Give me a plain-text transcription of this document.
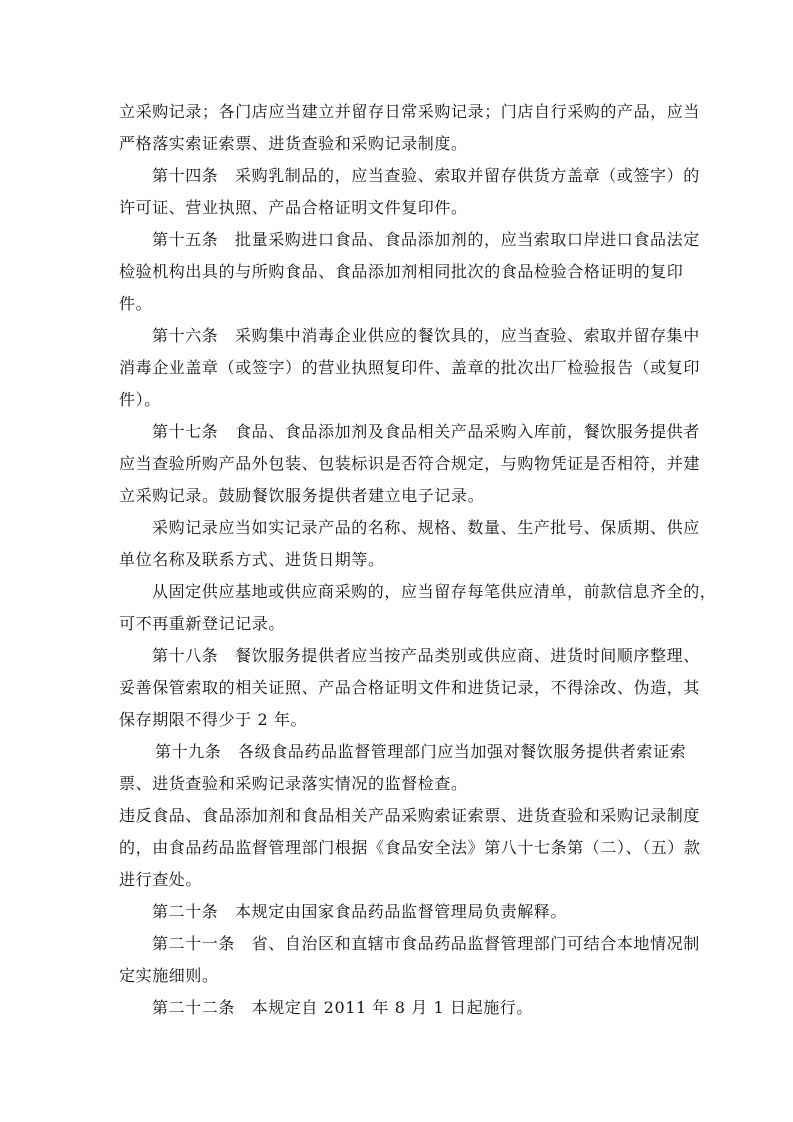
立采购记录；各门店应当建立并留存日常采购记录；门店自行采购的产品，应当
严格落实索证索票、进货查验和采购记录制度。
第十四条　采购乳制品的，应当查验、索取并留存供货方盖章（或签字）的
许可证、营业执照、产品合格证明文件复印件。
第十五条　批量采购进口食品、食品添加剂的，应当索取口岸进口食品法定
检验机构出具的与所购食品、食品添加剂相同批次的食品检验合格证明的复印
件。
第十六条　采购集中消毒企业供应的餐饮具的，应当查验、索取并留存集中
消毒企业盖章（或签字）的营业执照复印件、盖章的批次出厂检验报告（或复印
件）。
第十七条　食品、食品添加剂及食品相关产品采购入库前，餐饮服务提供者
应当查验所购产品外包装、包装标识是否符合规定，与购物凭证是否相符，并建
立采购记录。鼓励餐饮服务提供者建立电子记录。
采购记录应当如实记录产品的名称、规格、数量、生产批号、保质期、供应
单位名称及联系方式、进货日期等。
从固定供应基地或供应商采购的，应当留存每笔供应清单，前款信息齐全的，
可不再重新登记记录。
第十八条　餐饮服务提供者应当按产品类别或供应商、进货时间顺序整理、
妥善保管索取的相关证照、产品合格证明文件和进货记录，不得涂改、伪造，其
保存期限不得少于 2 年。
第十九条　各级食品药品监督管理部门应当加强对餐饮服务提供者索证索
票、进货查验和采购记录落实情况的监督检查。
违反食品、食品添加剂和食品相关产品采购索证索票、进货查验和采购记录制度
的，由食品药品监督管理部门根据《食品安全法》第八十七条第（二）、（五）款
进行查处。
第二十条　本规定由国家食品药品监督管理局负责解释。
第二十一条　省、自治区和直辖市食品药品监督管理部门可结合本地情况制
定实施细则。
第二十二条　本规定自 2011 年 8 月 1 日起施行。
